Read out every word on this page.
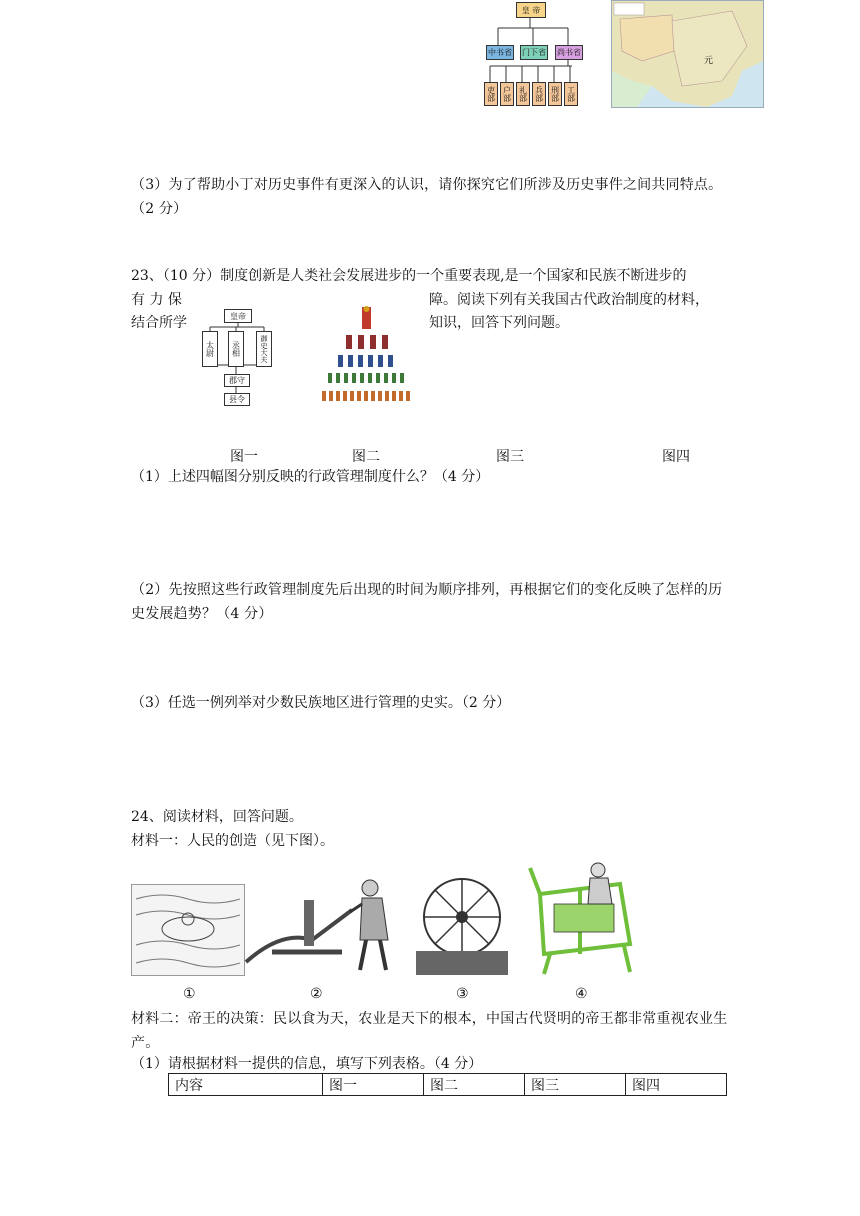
皇 帝
中书省 门下省 尚书省
吏部 户部 礼部 兵部 刑部 工部
元
（3）为了帮助小丁对历史事件有更深入的认识，请你探究它们所涉及历史事件之间共同特点。（2 分）
23、（10 分）制度创新是人类社会发展进步的一个重要表现,是一个国家和民族不断进步的
有 力 保	障。阅读下列有关我国古代政治制度的材料，
结合所学	知识，回答下列问题。
皇帝
太尉	丞相	御史大夫
郡守
县令
图一	图二	图三	图四
（1）上述四幅图分别反映的行政管理制度什么？（4 分）
（2）先按照这些行政管理制度先后出现的时间为顺序排列，再根据它们的变化反映了怎样的历史发展趋势？（4 分）
（3）任选一例列举对少数民族地区进行管理的史实。（2 分）
24、阅读材料，回答问题。
材料一：人民的创造（见下图）。
①	②	③	④
材料二：帝王的决策：民以食为天，农业是天下的根本，中国古代贤明的帝王都非常重视农业生产。
（1）请根据材料一提供的信息，填写下列表格。（4 分）
内容	图一	图二	图三	图四
